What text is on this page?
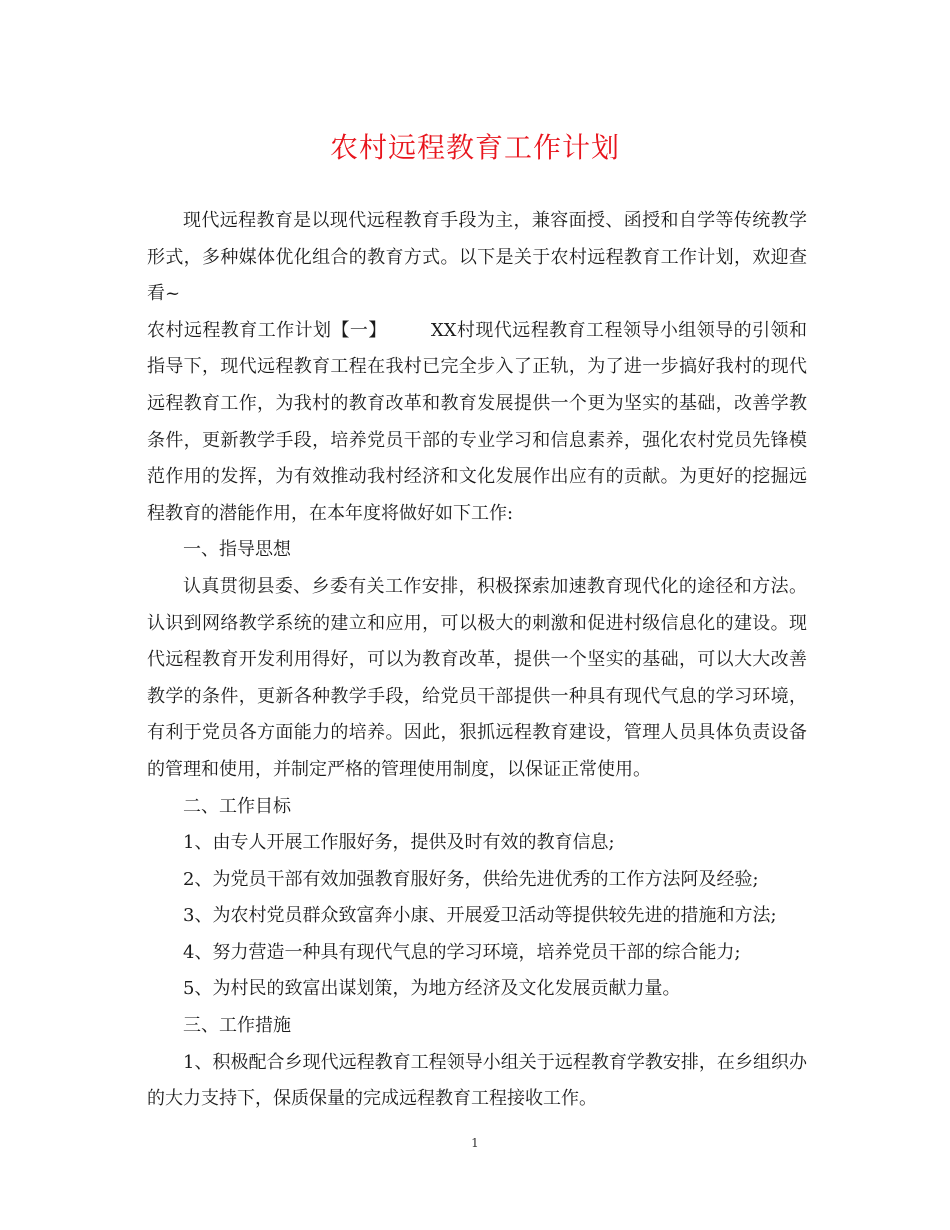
农村远程教育工作计划

现代远程教育是以现代远程教育手段为主，兼容面授、函授和自学等传统教学形式，多种媒体优化组合的教育方式。以下是关于农村远程教育工作计划，欢迎查看~

农村远程教育工作计划【一】 XX村现代远程教育工程领导小组领导的引领和指导下，现代远程教育工程在我村已完全步入了正轨，为了进一步搞好我村的现代远程教育工作，为我村的教育改革和教育发展提供一个更为坚实的基础，改善学教条件，更新教学手段，培养党员干部的专业学习和信息素养，强化农村党员先锋模范作用的发挥，为有效推动我村经济和文化发展作出应有的贡献。为更好的挖掘远程教育的潜能作用，在本年度将做好如下工作:

一、指导思想

认真贯彻县委、乡委有关工作安排，积极探索加速教育现代化的途径和方法。认识到网络教学系统的建立和应用，可以极大的刺激和促进村级信息化的建设。现代远程教育开发利用得好，可以为教育改革，提供一个坚实的基础，可以大大改善教学的条件，更新各种教学手段，给党员干部提供一种具有现代气息的学习环境，有利于党员各方面能力的培养。因此，狠抓远程教育建设，管理人员具体负责设备的管理和使用，并制定严格的管理使用制度，以保证正常使用。

二、工作目标

1、由专人开展工作服好务，提供及时有效的教育信息;

2、为党员干部有效加强教育服好务，供给先进优秀的工作方法阿及经验;

3、为农村党员群众致富奔小康、开展爱卫活动等提供较先进的措施和方法;

4、努力营造一种具有现代气息的学习环境，培养党员干部的综合能力;

5、为村民的致富出谋划策，为地方经济及文化发展贡献力量。

三、工作措施

1、积极配合乡现代远程教育工程领导小组关于远程教育学教安排，在乡组织办的大力支持下，保质保量的完成远程教育工程接收工作。

1
